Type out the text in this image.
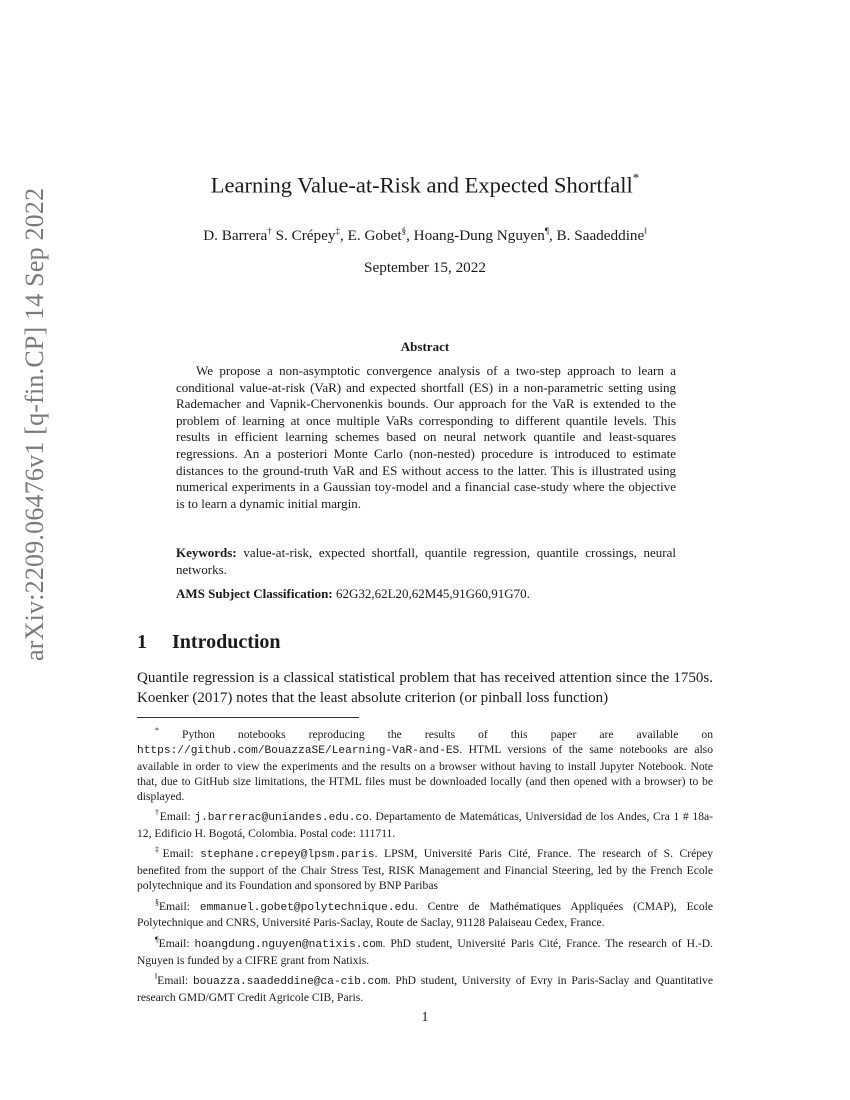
arXiv:2209.06476v1 [q-fin.CP] 14 Sep 2022
Learning Value-at-Risk and Expected Shortfall*
D. Barrera† S. Crépey‡, E. Gobet§, Hoang-Dung Nguyen¶, B. Saadeddine‖
September 15, 2022
Abstract
We propose a non-asymptotic convergence analysis of a two-step approach to learn a conditional value-at-risk (VaR) and expected shortfall (ES) in a non-parametric setting using Rademacher and Vapnik-Chervonenkis bounds. Our approach for the VaR is extended to the problem of learning at once multiple VaRs corresponding to different quantile levels. This results in efficient learning schemes based on neural network quantile and least-squares regressions. An a posteriori Monte Carlo (non-nested) procedure is introduced to estimate distances to the ground-truth VaR and ES without access to the latter. This is illustrated using numerical experiments in a Gaussian toy-model and a financial case-study where the objective is to learn a dynamic initial margin.
Keywords: value-at-risk, expected shortfall, quantile regression, quantile crossings, neural networks.
AMS Subject Classification: 62G32,62L20,62M45,91G60,91G70.
1 Introduction
Quantile regression is a classical statistical problem that has received attention since the 1750s. Koenker (2017) notes that the least absolute criterion (or pinball loss function)
* Python notebooks reproducing the results of this paper are available on https://github.com/BouazzaSE/Learning-VaR-and-ES. HTML versions of the same notebooks are also available in order to view the experiments and the results on a browser without having to install Jupyter Notebook. Note that, due to GitHub size limitations, the HTML files must be downloaded locally (and then opened with a browser) to be displayed.
†Email: j.barrerac@uniandes.edu.co. Departamento de Matemáticas, Universidad de los Andes, Cra 1 # 18a-12, Edificio H. Bogotá, Colombia. Postal code: 111711.
‡Email: stephane.crepey@lpsm.paris. LPSM, Université Paris Cité, France. The research of S. Crépey benefited from the support of the Chair Stress Test, RISK Management and Financial Steering, led by the French Ecole polytechnique and its Foundation and sponsored by BNP Paribas
§Email: emmanuel.gobet@polytechnique.edu. Centre de Mathématiques Appliquées (CMAP), Ecole Polytechnique and CNRS, Université Paris-Saclay, Route de Saclay, 91128 Palaiseau Cedex, France.
¶Email: hoangdung.nguyen@natixis.com. PhD student, Université Paris Cité, France. The research of H.-D. Nguyen is funded by a CIFRE grant from Natixis.
‖Email: bouazza.saadeddine@ca-cib.com. PhD student, University of Evry in Paris-Saclay and Quantitative research GMD/GMT Credit Agricole CIB, Paris.
1
